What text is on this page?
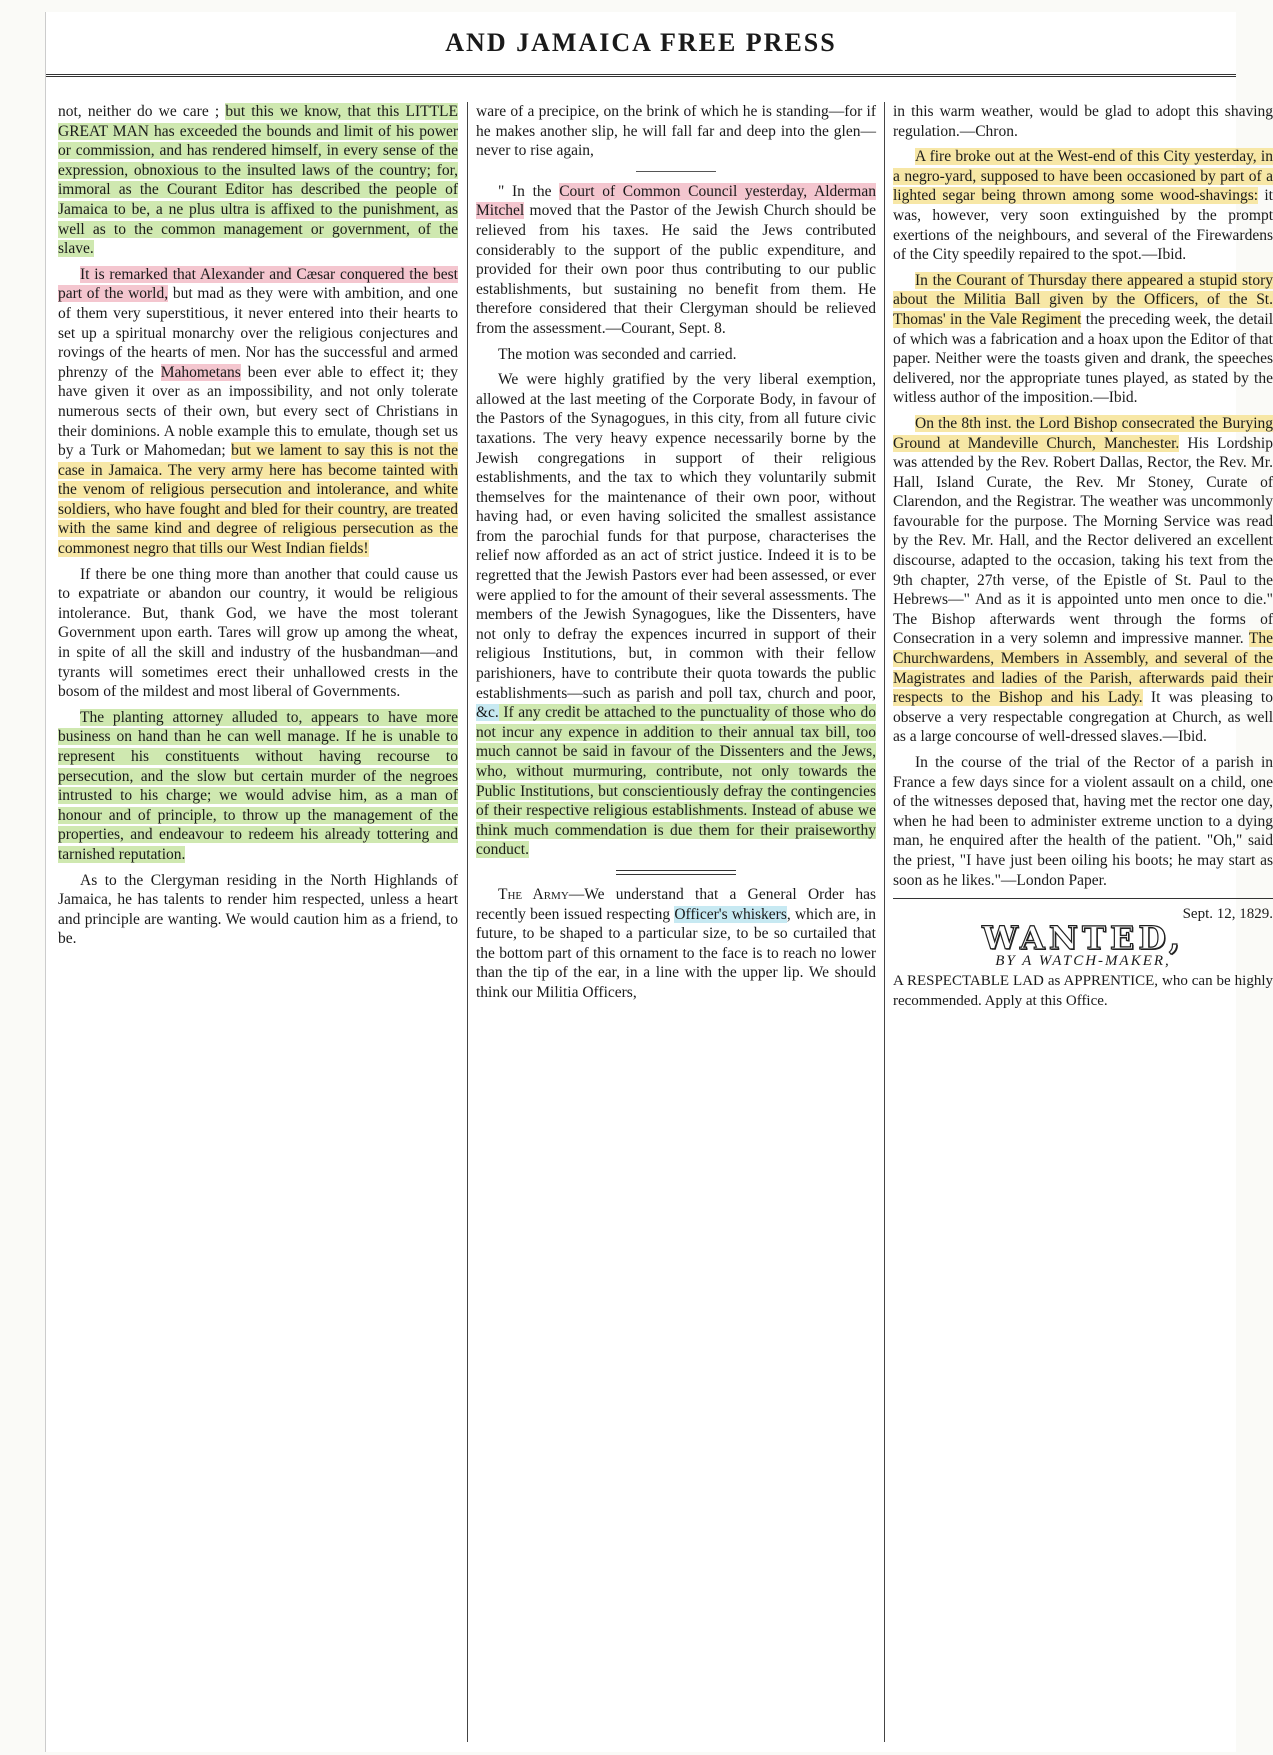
AND JAMAICA FREE PRESS

not, neither do we care ; but this we know, that this LITTLE GREAT MAN has exceeded the bounds and limit of his power or commission, and has rendered himself, in every sense of the expression, obnoxious to the insulted laws of the country; for, immoral as the Courant Editor has described the people of Jamaica to be, a ne plus ultra is affixed to the punishment, as well as to the common management or government, of the slave.

It is remarked that Alexander and Cæsar conquered the best part of the world, but mad as they were with ambition, and one of them very superstitious, it never entered into their hearts to set up a spiritual monarchy over the religious conjectures and rovings of the hearts of men. Nor has the successful and armed phrenzy of the Mahometans been ever able to effect it; they have given it over as an impossibility, and not only tolerate numerous sects of their own, but every sect of Christians in their dominions. A noble example this to emulate, though set us by a Turk or Mahomedan; but we lament to say this is not the case in Jamaica. The very army here has become tainted with the venom of religious persecution and intolerance, and white soldiers, who have fought and bled for their country, are treated with the same kind and degree of religious persecution as the commonest negro that tills our West Indian fields!

If there be one thing more than another that could cause us to expatriate or abandon our country, it would be religious intolerance. But, thank God, we have the most tolerant Government upon earth. Tares will grow up among the wheat, in spite of all the skill and industry of the husbandman—and tyrants will sometimes erect their unhallowed crests in the bosom of the mildest and most liberal of Governments.

The planting attorney alluded to, appears to have more business on hand than he can well manage. If he is unable to represent his constituents without having recourse to persecution, and the slow but certain murder of the negroes intrusted to his charge; we would advise him, as a man of honour and of principle, to throw up the management of the properties, and endeavour to redeem his already tottering and tarnished reputation.

As to the Clergyman residing in the North Highlands of Jamaica, he has talents to render him respected, unless a heart and principle are wanting. We would caution him as a friend, to be.

ware of a precipice, on the brink of which he is standing—for if he makes another slip, he will fall far and deep into the glen—never to rise again,

" In the Court of Common Council yesterday, Alderman Mitchel moved that the Pastor of the Jewish Church should be relieved from his taxes. He said the Jews contributed considerably to the support of the public expenditure, and provided for their own poor thus contributing to our public establishments, but sustaining no benefit from them. He therefore considered that their Clergyman should be relieved from the assessment.—Courant, Sept. 8.

The motion was seconded and carried.

We were highly gratified by the very liberal exemption, allowed at the last meeting of the Corporate Body, in favour of the Pastors of the Synagogues, in this city, from all future civic taxations. The very heavy expence necessarily borne by the Jewish congregations in support of their religious establishments, and the tax to which they voluntarily submit themselves for the maintenance of their own poor, without having had, or even having solicited the smallest assistance from the parochial funds for that purpose, characterises the relief now afforded as an act of strict justice. Indeed it is to be regretted that the Jewish Pastors ever had been assessed, or ever were applied to for the amount of their several assessments. The members of the Jewish Synagogues, like the Dissenters, have not only to defray the expences incurred in support of their religious Institutions, but, in common with their fellow parishioners, have to contribute their quota towards the public establishments—such as parish and poll tax, church and poor, &c. If any credit be attached to the punctuality of those who do not incur any expence in addition to their annual tax bill, too much cannot be said in favour of the Dissenters and the Jews, who, without murmuring, contribute, not only towards the Public Institutions, but conscientiously defray the contingencies of their respective religious establishments. Instead of abuse we think much commendation is due them for their praiseworthy conduct.

The Army—We understand that a General Order has recently been issued respecting Officer's whiskers, which are, in future, to be shaped to a particular size, to be so curtailed that the bottom part of this ornament to the face is to reach no lower than the tip of the ear, in a line with the upper lip. We should think our Militia Officers,

in this warm weather, would be glad to adopt this shaving regulation.—Chron.

A fire broke out at the West-end of this City yesterday, in a negro-yard, supposed to have been occasioned by part of a lighted segar being thrown among some wood-shavings: it was, however, very soon extinguished by the prompt exertions of the neighbours, and several of the Firewardens of the City speedily repaired to the spot.—Ibid.

In the Courant of Thursday there appeared a stupid story about the Militia Ball given by the Officers, of the St. Thomas' in the Vale Regiment the preceding week, the detail of which was a fabrication and a hoax upon the Editor of that paper. Neither were the toasts given and drank, the speeches delivered, nor the appropriate tunes played, as stated by the witless author of the imposition.—Ibid.

On the 8th inst. the Lord Bishop consecrated the Burying Ground at Mandeville Church, Manchester. His Lordship was attended by the Rev. Robert Dallas, Rector, the Rev. Mr. Hall, Island Curate, the Rev. Mr Stoney, Curate of Clarendon, and the Registrar. The weather was uncommonly favourable for the purpose. The Morning Service was read by the Rev. Mr. Hall, and the Rector delivered an excellent discourse, adapted to the occasion, taking his text from the 9th chapter, 27th verse, of the Epistle of St. Paul to the Hebrews—" And as it is appointed unto men once to die." The Bishop afterwards went through the forms of Consecration in a very solemn and impressive manner. The Churchwardens, Members in Assembly, and several of the Magistrates and ladies of the Parish, afterwards paid their respects to the Bishop and his Lady. It was pleasing to observe a very respectable congregation at Church, as well as a large concourse of well-dressed slaves.—Ibid.

In the course of the trial of the Rector of a parish in France a few days since for a violent assault on a child, one of the witnesses deposed that, having met the rector one day, when he had been to administer extreme unction to a dying man, he enquired after the health of the patient. "Oh," said the priest, "I have just been oiling his boots; he may start as soon as he likes."—London Paper.

Sept. 12, 1829.
WANTED,
BY A WATCH-MAKER,

A RESPECTABLE LAD as APPRENTICE, who can be highly recommended. Apply at this Office.
